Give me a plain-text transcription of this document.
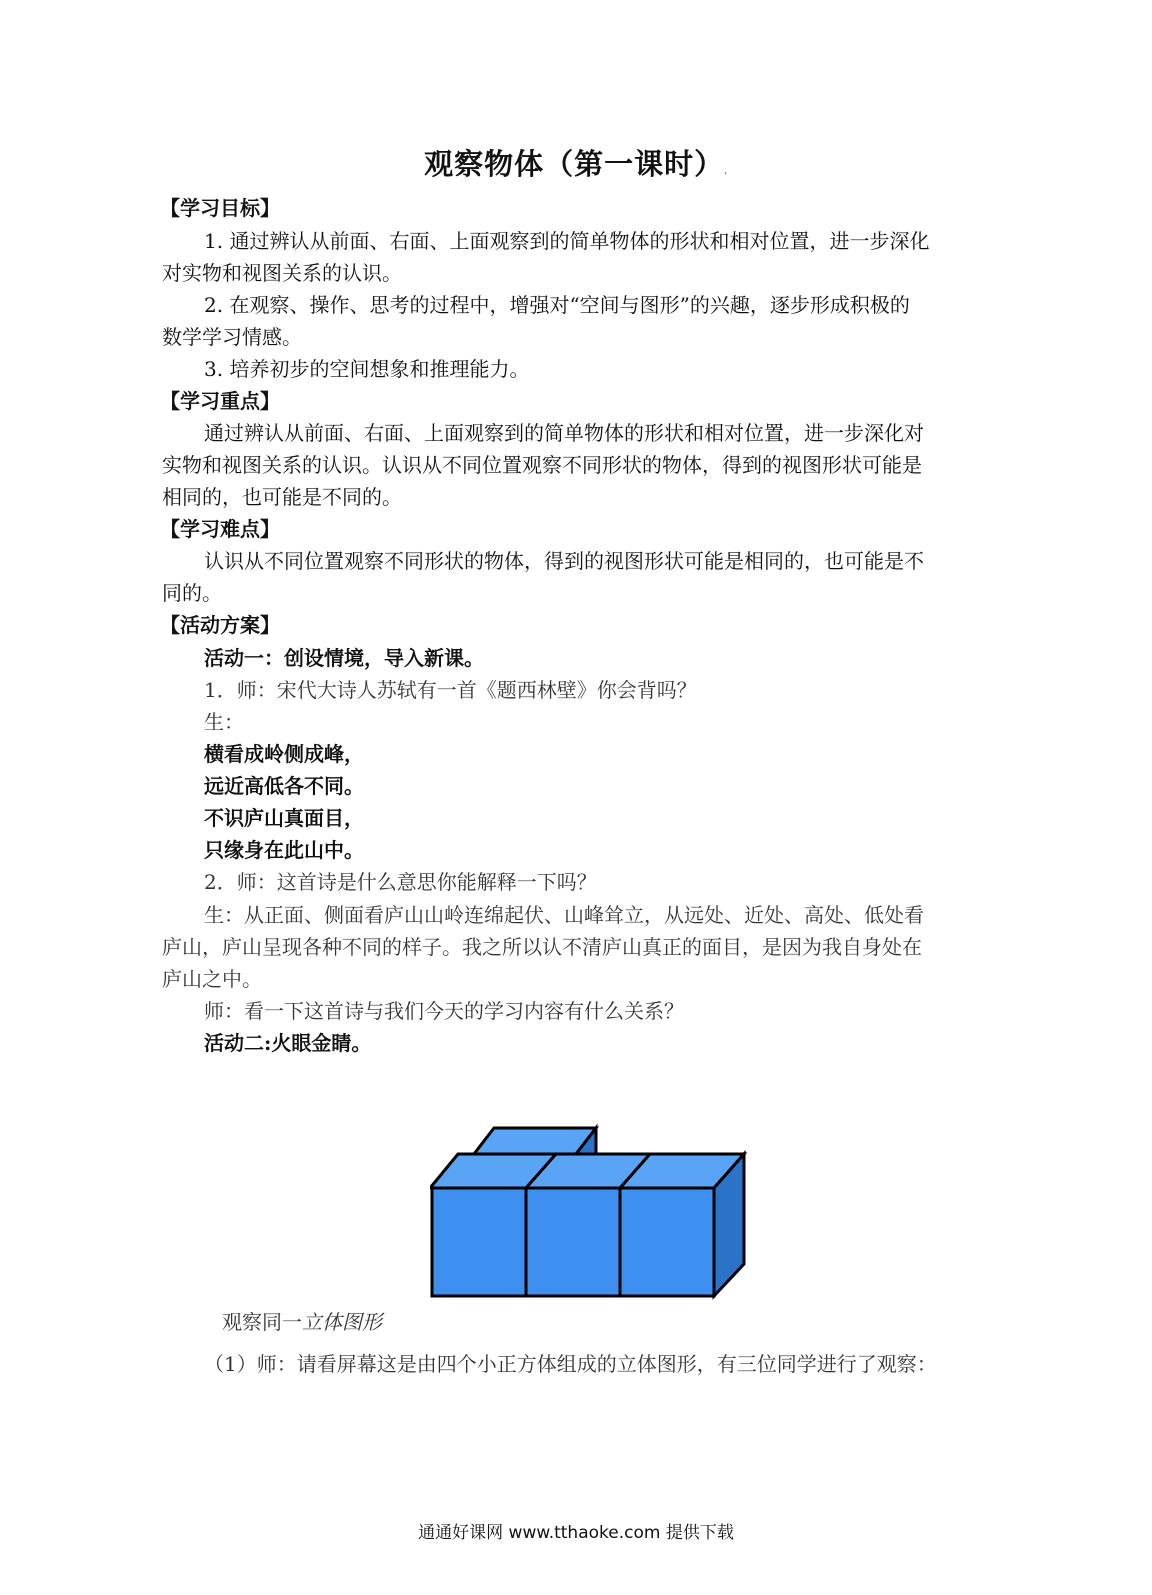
观察物体（第一课时）.
【学习目标】
1. 通过辨认从前面、右面、上面观察到的简单物体的形状和相对位置，进一步深化
对实物和视图关系的认识。
2. 在观察、操作、思考的过程中，增强对“空间与图形”的兴趣，逐步形成积极的
数学学习情感。
3. 培养初步的空间想象和推理能力。
【学习重点】
通过辨认从前面、右面、上面观察到的简单物体的形状和相对位置，进一步深化对
实物和视图关系的认识。认识从不同位置观察不同形状的物体，得到的视图形状可能是
相同的，也可能是不同的。
【学习难点】
认识从不同位置观察不同形状的物体，得到的视图形状可能是相同的，也可能是不
同的。
【活动方案】
活动一：创设情境，导入新课。
1．师：宋代大诗人苏轼有一首《题西林壁》你会背吗？
生：
横看成岭侧成峰，
远近高低各不同。
不识庐山真面目，
只缘身在此山中。
2．师：这首诗是什么意思你能解释一下吗？
生：从正面、侧面看庐山山岭连绵起伏、山峰耸立，从远处、近处、高处、低处看
庐山，庐山呈现各种不同的样子。我之所以认不清庐山真正的面目，是因为我自身处在
庐山之中。
师：看一下这首诗与我们今天的学习内容有什么关系？
活动二:火眼金睛。
观察同一立体图形
（1）师：请看屏幕这是由四个小正方体组成的立体图形，有三位同学进行了观察：
通通好课网 www.tthaoke.com 提供下载
